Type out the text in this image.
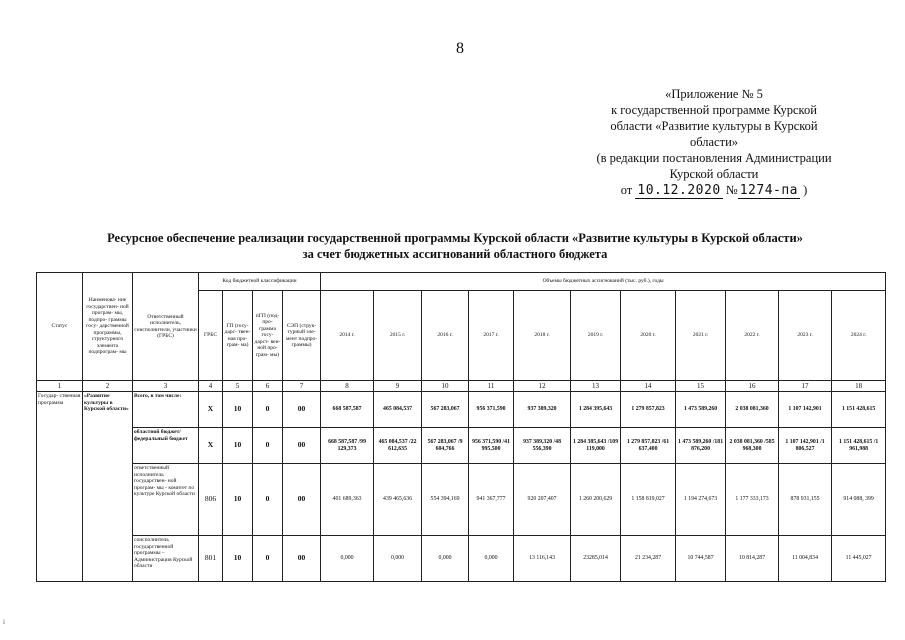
8
«Приложение № 5
к государственной программе Курской
области «Развитие культуры в Курской
области»
(в редакции постановления Администрации
Курской области
от 10.12.2020 № 1274-па )
Ресурсное обеспечение реализации государственной программы Курской области «Развитие культуры в Курской области»
за счет бюджетных ассигнований областного бюджета
Статус	Наименова- ние государствен- ной програм- мы, подпро- граммы госу- дарственной программы, структурного элемента подпрограм- мы	Ответственный исполнитель, соисполнители, участники (ГРБС)	Код бюджетной классификации				Объемы бюджетных ассигнований (тыс. руб.), годы										
			ГРБС	ГП (госу- дарс- твен- ная про- грам- ма)	пГП (под- про- грамма госу- дарст- вен- ной про- грам- мы)	СЭП (струк- турный эле- мент подпро- граммы)	2014 г.	2015 г.	2016 г.	2017 г.	2018 г.	2019 г.	2020 г.	2021 г.	2022 г.	2023 г.	2024 г.
1	2	3	4	5	6	7	8	9	10	11	12	13	14	15	16	17	18
Государ- ственная программа	«Развитие культуры в Курской области»	Всего, в том числе:	X	10	0	00	668 587,587	465 084,537	567 283,067	956 371,590	937 389,320	1 284 395,643	1 279 857,823	1 473 589,260	2 038 081,360	1 107 142,901	1 151 428,615
		областной бюджет/ федеральный бюджет	X	10	0	00	668 587,587 /99 129,373	465 084,537 /22 612,635	567 283,067 /9 604,766	956 371,590 /41 995,500	937 389,320 /48 556,390	1 284 385,643 /109 119,000	1 279 857,823 /61 637,400	1 473 589,260 /181 876,200	2 038 081,360 /585 968,300	1 107 142,901 /1 806,527	1 151 428,615 /1 961,988
		ответственный исполнитель государствен- ной програм- мы - комитет по культуре Курской области	806	10	0	00	401 689,363	439 465,636	554 394,169	941 367,777	920 207,407	1 260 200,629	1 158 819,027	1 194 274,673	1 177 333,173	878 931,155	914 088, 399
		соисполнитель государственной программы – Администрация Курской области	801	10	0	00	0,000	0,000	0,000	0,000	13 116,143	23285,014	21 234,287	10 744,587	10 814,287	11 004,834	11 445,027
i
